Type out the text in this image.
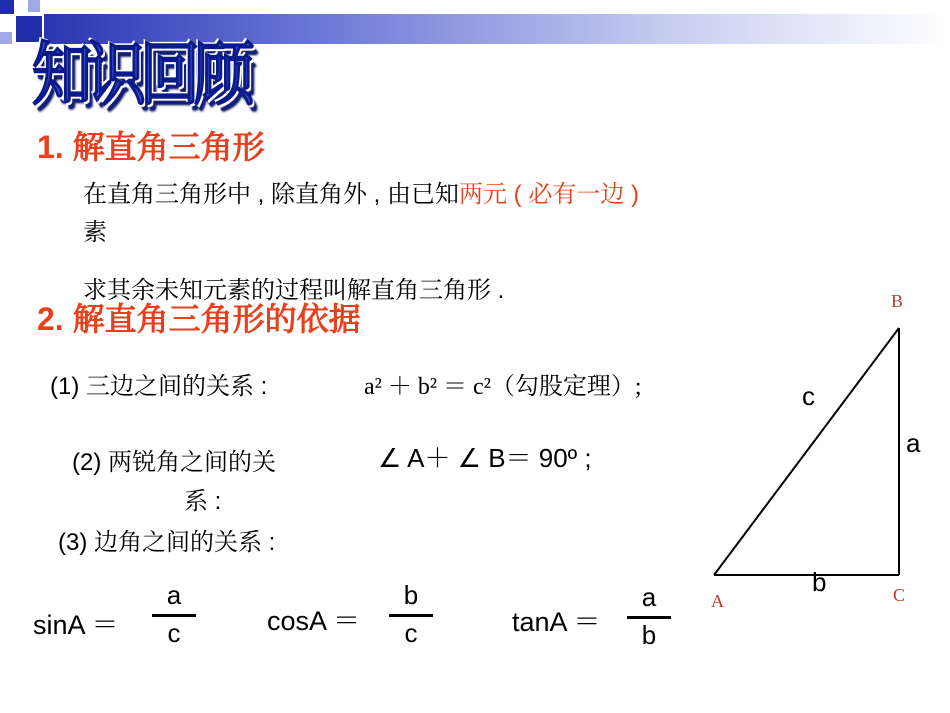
知识回顾
1. 解直角三角形
在直角三角形中 , 除直角外 , 由已知两元 ( 必有一边 )
素
求其余未知元素的过程叫解直角三角形 .
2. 解直角三角形的依据
(1) 三边之间的关系 :	a² ＋ b² ＝ c²（勾股定理）;
(2) 两锐角之间的关
系 :
∠ A＋ ∠ B＝ 90º ;
(3) 边角之间的关系 :
sinA ＝
a
c	cosA ＝
b
c	tanA ＝
a
b
B
A	C
c
a
b
